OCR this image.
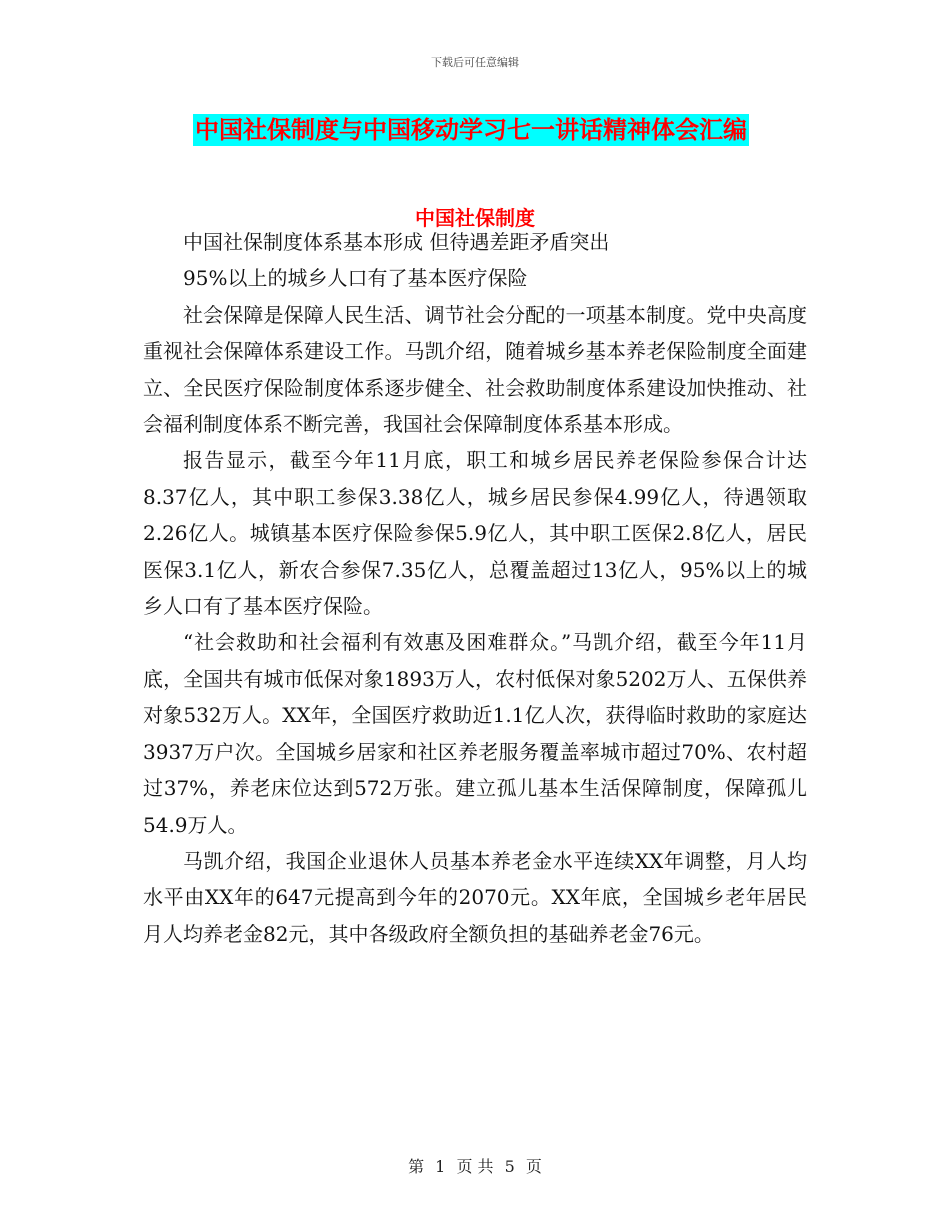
下载后可任意编辑
中国社保制度与中国移动学习七一讲话精神体会汇编
中国社保制度

中国社保制度体系基本形成 但待遇差距矛盾突出

95%以上的城乡人口有了基本医疗保险

社会保障是保障人民生活、调节社会分配的一项基本制度。党中央高度重视社会保障体系建设工作。马凯介绍，随着城乡基本养老保险制度全面建立、全民医疗保险制度体系逐步健全、社会救助制度体系建设加快推动、社会福利制度体系不断完善，我国社会保障制度体系基本形成。

报告显示，截至今年11月底，职工和城乡居民养老保险参保合计达8.37亿人，其中职工参保3.38亿人，城乡居民参保4.99亿人，待遇领取2.26亿人。城镇基本医疗保险参保5.9亿人，其中职工医保2.8亿人，居民医保3.1亿人，新农合参保7.35亿人，总覆盖超过13亿人，95%以上的城乡人口有了基本医疗保险。

“社会救助和社会福利有效惠及困难群众。”马凯介绍，截至今年11月底，全国共有城市低保对象1893万人，农村低保对象5202万人、五保供养对象532万人。XX年，全国医疗救助近1.1亿人次，获得临时救助的家庭达3937万户次。全国城乡居家和社区养老服务覆盖率城市超过70%、农村超过37%，养老床位达到572万张。建立孤儿基本生活保障制度，保障孤儿54.9万人。

马凯介绍，我国企业退休人员基本养老金水平连续XX年调整，月人均水平由XX年的647元提高到今年的2070元。XX年底，全国城乡老年居民月人均养老金82元，其中各级政府全额负担的基础养老金76元。

第 1 页 共 5 页
